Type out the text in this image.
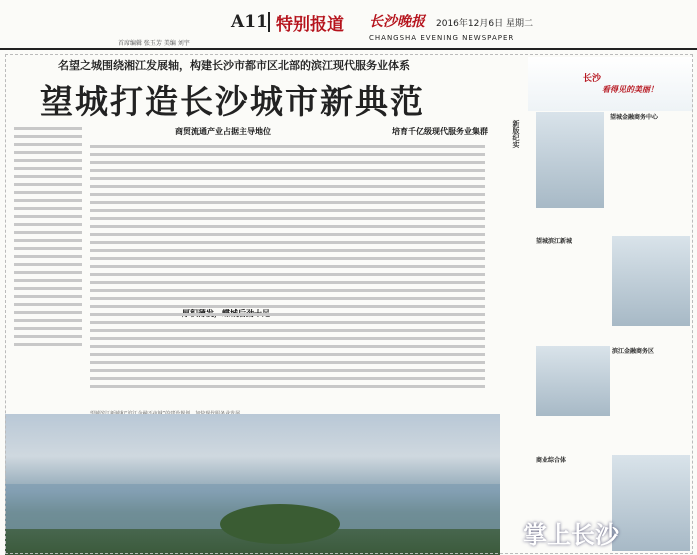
A11 特别报道 长沙晚报 2016年12月6日 星期二
CHANGSHA EVENING NEWSPAPER
首席编辑 张玉芳 美编 刘宇
名望之城围绕湘江发展轴，构建长沙市都市区北部的滨江现代服务业体系
望城打造长沙城市新典范
商贸流通产业占据主导地位	培育千亿级现代服务业集群	新版纪实
长沙
看得见的美丽！
望城金融商务中心
望城滨江新城
滨江金融商务区
商业综合体
掌上长沙
